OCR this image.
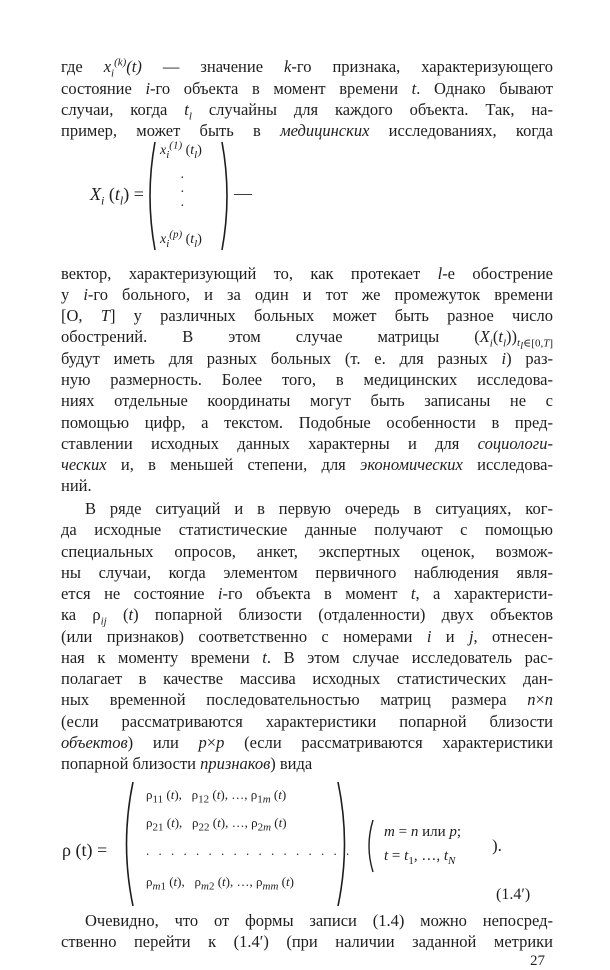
где $x_i^{(k)}(t)$ — значение k-го признака, характеризующего
состояние i-го объекта в момент времени t. Однако бывают
случаи, когда $t_l$ случайны для каждого объекта. Так, на-
пример, может быть в медицинских исследованиях, когда
$X_i$ $(t_l)$ =
$x_i^{(1)}$ $(t_l)$
·
·
·
$x_i^{(p)}$ $(t_l)$
—
вектор, характеризующий то, как протекает l-е обострение
у i-го больного, и за один и тот же промежуток времени
[O, T] у различных больных может быть разное число
обострений. В этом случае матрицы $(X_i(t_l))_{t_l\in[0,T]}$
будут иметь для разных больных (т. е. для разных i) раз-
ную размерность. Более того, в медицинских исследова-
ниях отдельные координаты могут быть записаны не с
помощью цифр, а текстом. Подобные особенности в пред-
ставлении исходных данных характерны и для социологи-
ческих и, в меньшей степени, для экономических исследова-
ний.
В ряде ситуаций и в первую очередь в ситуациях, ког-
да исходные статистические данные получают с помощью
специальных опросов, анкет, экспертных оценок, возмож-
ны случаи, когда элементом первичного наблюдения явля-
ется не состояние i-го объекта в момент t, а характеристи-
ка $\rho_{ij}$ (t) попарной близости (отдаленности) двух объектов
(или признаков) соответственно с номерами i и j, отнесен-
ная к моменту времени t. В этом случае исследователь рас-
полагает в качестве массива исходных статистических дан-
ных временной последовательностью матриц размера n×n
(если рассматриваются характеристики попарной близости
объектов) или p×p (если рассматриваются характеристики
попарной близости признаков) вида
ρ (t) =
$\rho_{11}$ (t),   $\rho_{12}$ (t), …, $\rho_{1m}$ (t)
$\rho_{21}$ (t),   $\rho_{22}$ (t), …, $\rho_{2m}$ (t)
. . . . . . . . . . . . . . . . .
$\rho_{m1}$ (t),   $\rho_{m2}$ (t), …, $\rho_{mm}$ (t)
m = n или p;
$t = t_1$, …, $t_N$
).
(1.4′)
Очевидно, что от формы записи (1.4) можно непосред-
ственно перейти к (1.4′) (при наличии заданной метрики
27
